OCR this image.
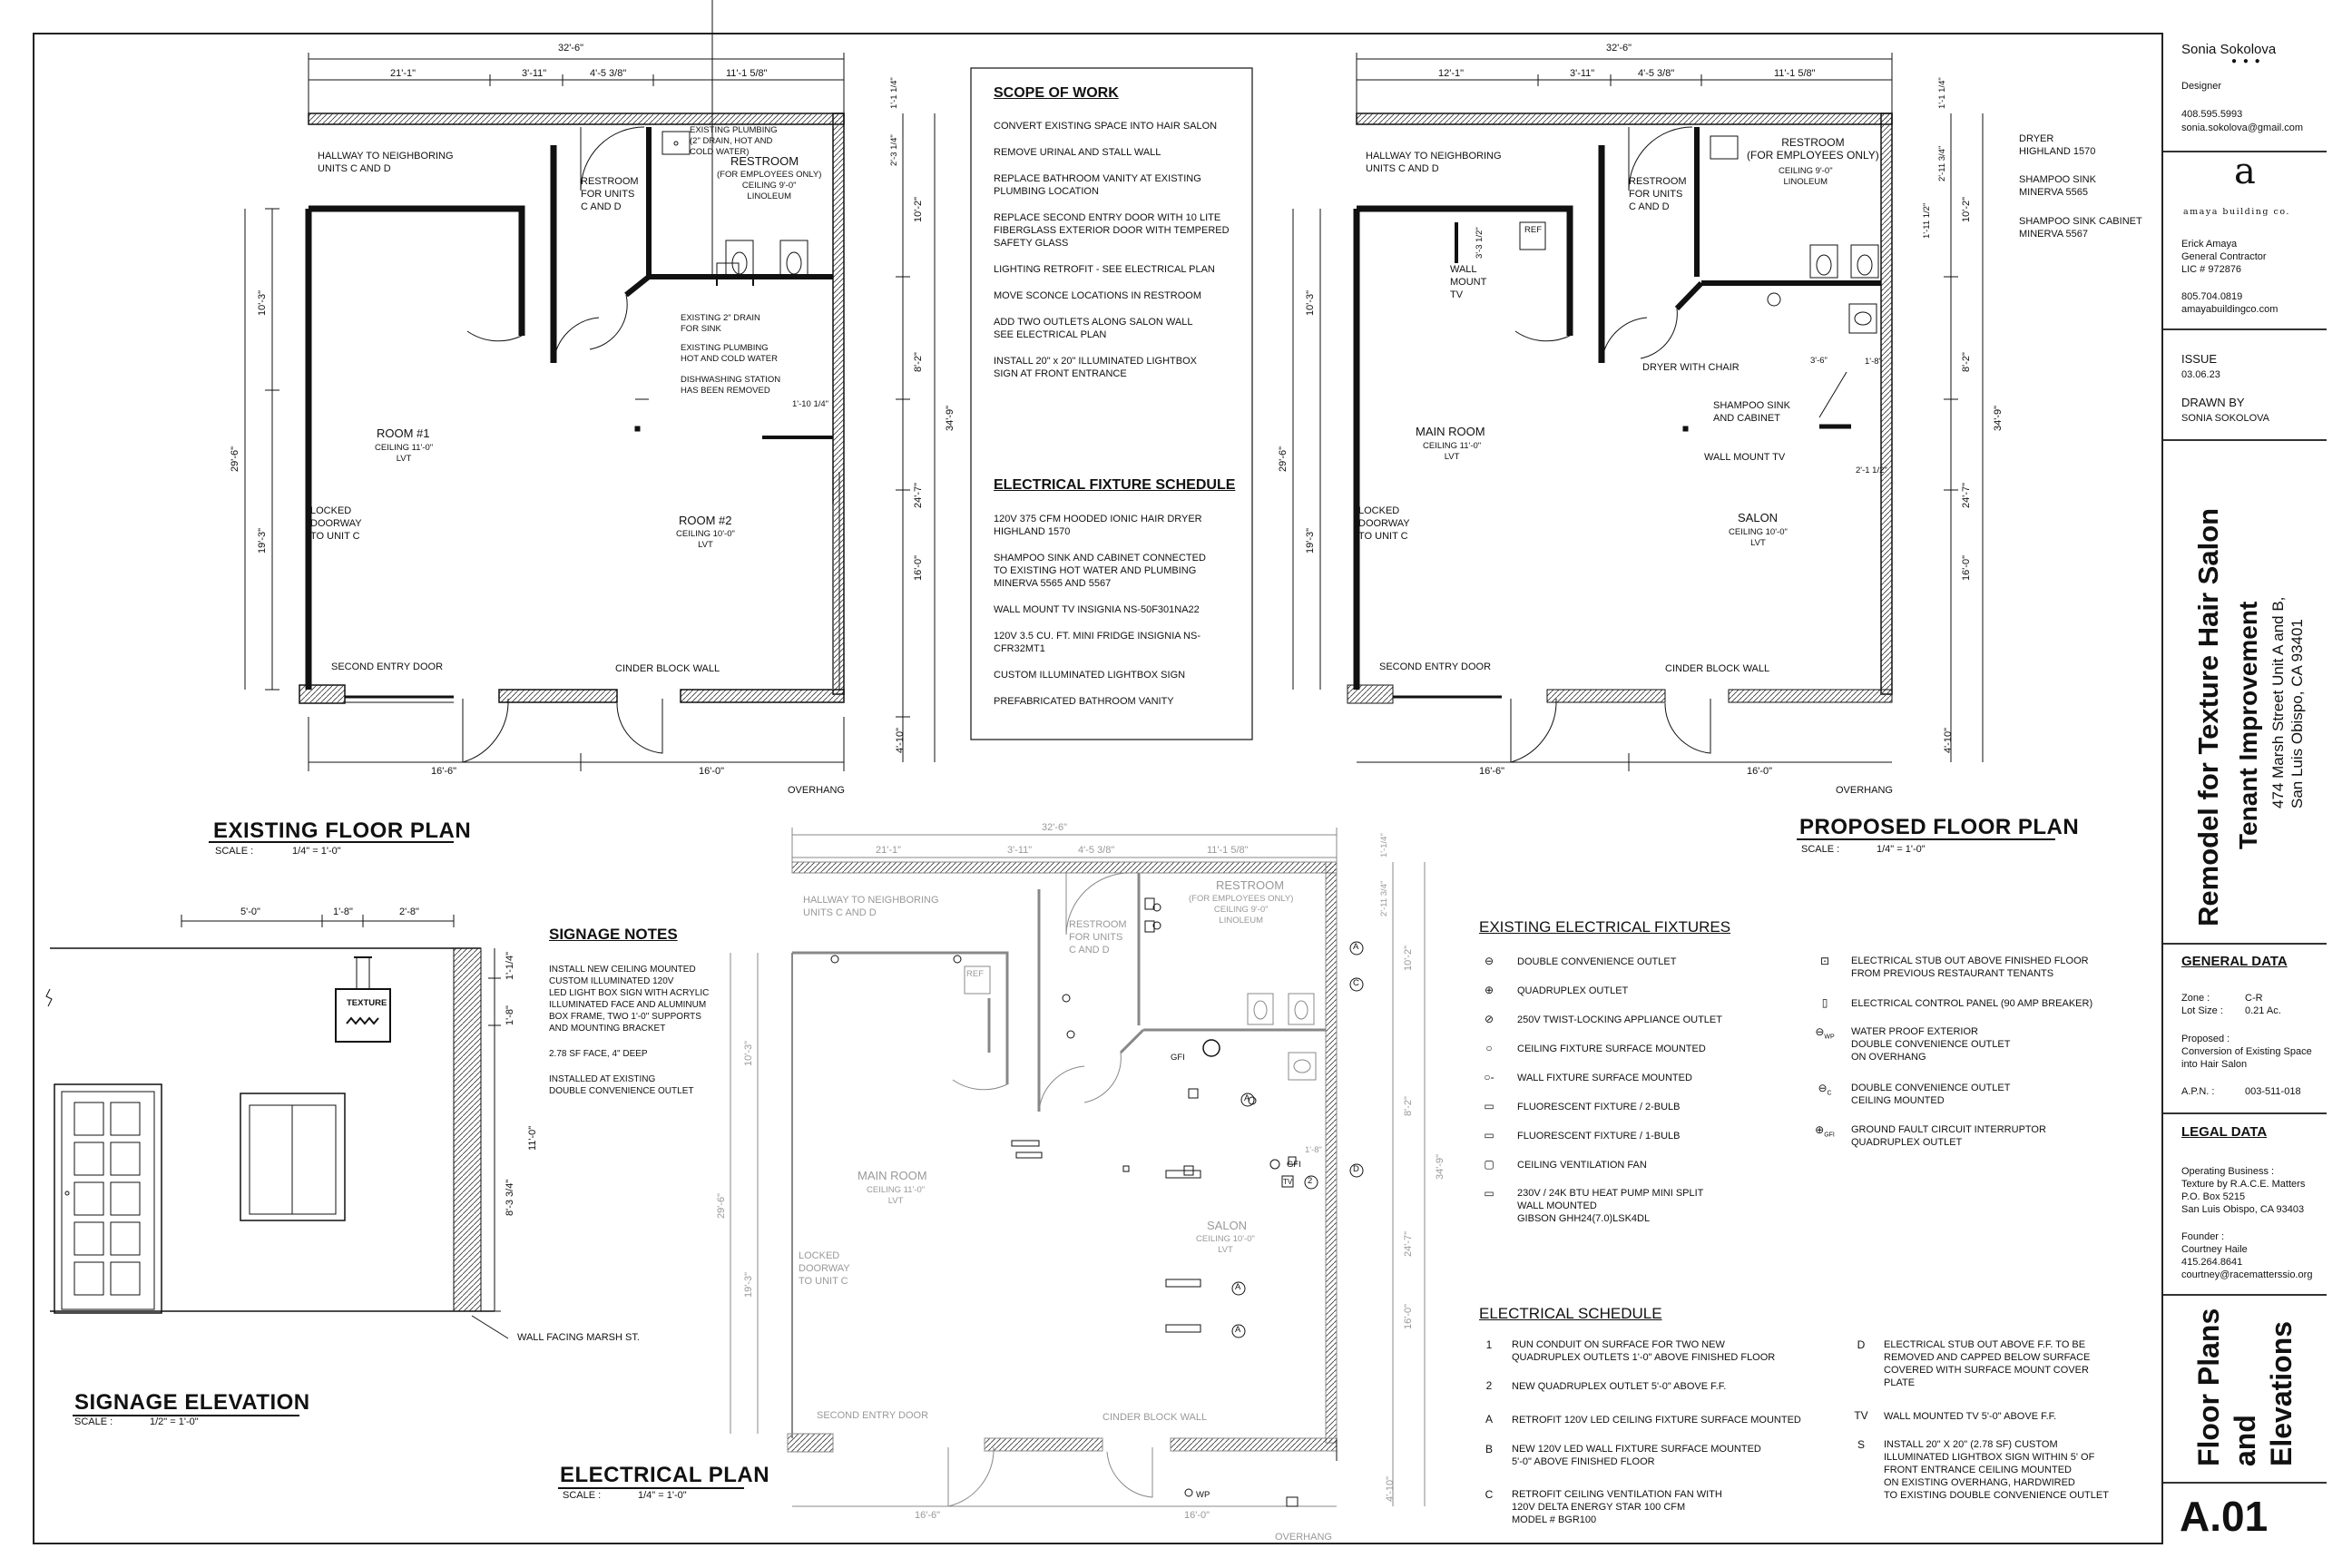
32'-6"
21'-1"	3'-11"	4'-5 3/8"	11'-1 5/8"
10'-3"
19'-3"
29'-6"
10'-2"
8'-2"
24'-7"
16'-0"
34'-9"
1'-1 1/4"
2'-3 1/4"
4'-10"
16'-6"	16'-0"
1'-10 1/4"
HALLWAY TO NEIGHBORING
UNITS C AND D
RESTROOM
FOR UNITS
C AND D
RESTROOM
(FOR EMPLOYEES ONLY)
CEILING 9'-0"
LINOLEUM
EXISTING PLUMBING
(2" DRAIN, HOT AND
COLD WATER)
EXISTING 2" DRAIN
FOR SINK
EXISTING PLUMBING
HOT AND COLD WATER
DISHWASHING STATION
HAS BEEN REMOVED
ROOM #1
CEILING 11'-0"
LVT
ROOM #2
CEILING 10'-0"
LVT
LOCKED
DOORWAY
TO UNIT C
SECOND ENTRY DOOR	CINDER BLOCK WALL
OVERHANG
EXISTING FLOOR PLAN
SCALE :	1/4" = 1'-0"
SCOPE OF WORK
CONVERT EXISTING SPACE INTO HAIR SALON
REMOVE URINAL AND STALL WALL
REPLACE BATHROOM VANITY AT EXISTING
PLUMBING LOCATION
REPLACE SECOND ENTRY DOOR WITH 10 LITE
FIBERGLASS EXTERIOR DOOR WITH TEMPERED
SAFETY GLASS
LIGHTING RETROFIT - SEE ELECTRICAL PLAN
MOVE SCONCE LOCATIONS IN RESTROOM
ADD TWO OUTLETS ALONG SALON WALL
SEE ELECTRICAL PLAN
INSTALL 20" x 20" ILLUMINATED LIGHTBOX
SIGN AT FRONT ENTRANCE
ELECTRICAL FIXTURE SCHEDULE
120V 375 CFM HOODED IONIC HAIR DRYER
HIGHLAND 1570
SHAMPOO SINK AND CABINET CONNECTED
TO EXISTING HOT WATER AND PLUMBING
MINERVA 5565 AND 5567
WALL MOUNT TV INSIGNIA NS-50F301NA22
120V 3.5 CU. FT. MINI FRIDGE INSIGNIA NS-CFR32MT1
CUSTOM ILLUMINATED LIGHTBOX SIGN
PREFABRICATED BATHROOM VANITY
32'-6"
12'-1"	3'-11"	4'-5 3/8"	11'-1 5/8"
10'-3"
19'-3"
29'-6"
10'-2"
8'-2"
24'-7"
16'-0"
34'-9"
1'-1 1/4"
2'-11 3/4"
1'-11 1/2"
4'-10"
16'-6"	16'-0"
3'-3 1/2"
3'-6"	1'-8"
2'-1 1/2"
HALLWAY TO NEIGHBORING
UNITS C AND D
RESTROOM
FOR UNITS
C AND D
RESTROOM
(FOR EMPLOYEES ONLY)
CEILING 9'-0"
LINOLEUM
REF
WALL
MOUNT
TV
DRYER WITH CHAIR
SHAMPOO SINK
AND CABINET
WALL MOUNT TV
MAIN ROOM
CEILING 11'-0"
LVT
SALON
CEILING 10'-0"
LVT
LOCKED
DOORWAY
TO UNIT C
SECOND ENTRY DOOR	CINDER BLOCK WALL
OVERHANG
DRYER
HIGHLAND 1570
SHAMPOO SINK
MINERVA 5565
SHAMPOO SINK CABINET
MINERVA 5567
PROPOSED FLOOR PLAN
SCALE :	1/4" = 1'-0"
5'-0"	1'-8"	2'-8"
1'-1/4"
1'-8"
11'-0"
8'-3 3/4"
TEXTURE
WALL FACING MARSH ST.
SIGNAGE ELEVATION
SCALE :	1/2" = 1'-0"
SIGNAGE NOTES
INSTALL NEW CEILING MOUNTED
CUSTOM ILLUMINATED 120V
LED LIGHT BOX SIGN WITH ACRYLIC
ILLUMINATED FACE AND ALUMINUM
BOX FRAME, TWO 1'-0" SUPPORTS
AND MOUNTING BRACKET
2.78 SF FACE, 4" DEEP
INSTALLED AT EXISTING
DOUBLE CONVENIENCE OUTLET
32'-6"
21'-1"	3'-11"	4'-5 3/8"	11'-1 5/8"
10'-3"
19'-3"
29'-6"
10'-2"
8'-2"
24'-7"
16'-0"
34'-9"
1'-1/4"
2'-11 3/4"
4'-10"
16'-6"	16'-0"
1'-8"
HALLWAY TO NEIGHBORING
UNITS C AND D
RESTROOM
FOR UNITS
C AND D
RESTROOM
(FOR EMPLOYEES ONLY)
CEILING 9'-0"
LINOLEUM
REF
MAIN ROOM
CEILING 11'-0"
LVT
SALON
CEILING 10'-0"
LVT
LOCKED
DOORWAY
TO UNIT C
SECOND ENTRY DOOR	CINDER BLOCK WALL
OVERHANG
GFI
GFI
WP
A
C
A
2
A
A
D
TV
ELECTRICAL PLAN
SCALE :	1/4" = 1'-0"
EXISTING ELECTRICAL FIXTURES
⊖ DOUBLE CONVENIENCE OUTLET
⊕ QUADRUPLEX OUTLET
⊘ 250V TWIST-LOCKING APPLIANCE OUTLET
○ CEILING FIXTURE SURFACE MOUNTED
○- WALL FIXTURE SURFACE MOUNTED
▭ FLUORESCENT FIXTURE / 2-BULB
▭ FLUORESCENT FIXTURE / 1-BULB
▢ CEILING VENTILATION FAN
▭ 230V / 24K BTU HEAT PUMP MINI SPLIT
WALL MOUNTED
GIBSON GHH24(7.0)LSK4DL
⊡ ELECTRICAL STUB OUT ABOVE FINISHED FLOOR
FROM PREVIOUS RESTAURANT TENANTS
▯ ELECTRICAL CONTROL PANEL (90 AMP BREAKER)
$⊖_{WP}$ WATER PROOF EXTERIOR
DOUBLE CONVENIENCE OUTLET
ON OVERHANG
$⊖_C$ DOUBLE CONVENIENCE OUTLET
CEILING MOUNTED
$\oplus_{GFI}$ GROUND FAULT CIRCUIT INTERRUPTOR
QUADRUPLEX OUTLET
ELECTRICAL SCHEDULE
1 RUN CONDUIT ON SURFACE FOR TWO NEW
QUADRUPLEX OUTLETS 1'-0" ABOVE FINISHED FLOOR
2 NEW QUADRUPLEX OUTLET 5'-0" ABOVE F.F.
A RETROFIT 120V LED CEILING FIXTURE SURFACE MOUNTED
B NEW 120V LED WALL FIXTURE SURFACE MOUNTED
5'-0" ABOVE FINISHED FLOOR
C RETROFIT CEILING VENTILATION FAN WITH
120V DELTA ENERGY STAR 100 CFM
MODEL # BGR100
D ELECTRICAL STUB OUT ABOVE F.F. TO BE
REMOVED AND CAPPED BELOW SURFACE
COVERED WITH SURFACE MOUNT COVER
PLATE
TV WALL MOUNTED TV 5'-0" ABOVE F.F.
S INSTALL 20" X 20" (2.78 SF) CUSTOM
ILLUMINATED LIGHTBOX SIGN WITHIN 5' OF
FRONT ENTRANCE CEILING MOUNTED
ON EXISTING OVERHANG, HARDWIRED
TO EXISTING DOUBLE CONVENIENCE OUTLET
Sonia Sokolova
● ● ●
Designer
408.595.5993
sonia.sokolova@gmail.com
a
amaya building co.
Erick Amaya
General Contractor
LIC # 972876
805.704.0819
amayabuildingco.com
ISSUE
03.06.23
DRAWN BY
SONIA SOKOLOVA
Remodel for Texture Hair Salon Tenant Improvement 474 Marsh Street Unit A and B, San Luis Obispo, CA 93401
GENERAL DATA
Zone :	C-R
Lot Size : 0.21 Ac.
Proposed :
Conversion of Existing Space
into Hair Salon
A.P.N. :	003-511-018
LEGAL DATA
Operating Business :
Texture by R.A.C.E. Matters
P.O. Box 5215
San Luis Obispo, CA 93403
Founder :
Courtney Haile
415.264.8641
courtney@racematterssio.org
Floor Plans and Elevations
A.01
